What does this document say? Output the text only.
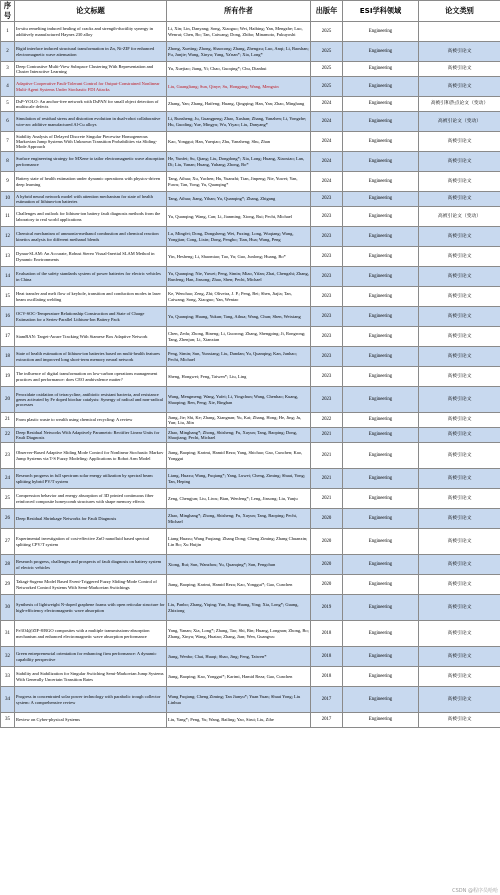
序号	论文标题	所有作者	出版年	ESI学科领域	论文类别
1	In-situ remelting induced healing of cracks and strength-ductility synergy in additively manufactured Haynes 230 alloy	Li, Xin; Lin, Danyang; Song, Xiaoguo; Wei, Haibing; Yan, Mengzhe; Luo, Wenrui; Chen, Bo; Tan, Caiwang; Dong, Zhibo; Minamoto, Fukuyoshi	2025	Engineering	
2	Rigid interface induced structural transformation in Zn, Ni-ZIF for enhanced electromagnetic wave attenuation	Zhong, Xueting; Zhong, Shaocong; Zhang, Zhengxu; Luo, Anqi; Li, Baoshan; Fu, Junjie; Wang, Xinyu; Yang, Ya'nan*; Xia, Long*	2025	Engineering	高被引论文
3	Deep Contrastive Multi-View Subspace Clustering With Representation and Cluster Interactive Learning	Yu, Xuejiao; Jiang, Yi; Chao, Guoqing*; Chu, Dianhui	2025	Engineering	高被引论文
4	Adaptive Cooperative Fault-Tolerant Control for Output-Constrained Nonlinear Multi-Agent Systems Under Stochastic FDI Attacks	Liu, Guangliang; Sun, Qinye; Su, Hongping; Wang, Mengxin	2025	Engineering	高被引论文
5	DsP-YOLO: An anchor-free network with DsPAN for small object detection of multiscale defects	Zhang, Yan; Zhang, Haifeng; Huang, Qingqing; Han, Yan; Zhao, Minghang	2024	Engineering	高被引和热点论文（变动）
6	Simulation of residual stress and distortion evolution in dual-robot collaborative wire-arc additive manufactured Al-Cu alloys	Li, Runsheng; Ju, Guangpeng; Zhao, Xushan; Zhang, Yanzhen; Li, Yongzhe; Hu, Guoding; Yue, Mingyu; Wu, Yiyao; Liu, Danyang*	2024	Engineering	高被引论文（变动）
7	Stability Analysis of Delayed Discrete Singular Piecewise Homogeneous Markovian Jump Systems With Unknown Transition Probabilities via Sliding-Mode Approach	Kao, Yonggui; Han, Yueqiao; Zhu, Yanzheng; Shu, Zhan	2024	Engineering	高被引论文
8	Surface engineering strategy for MXene to tailor electromagnetic wave absorption performance	He, Yunfei; Su, Qiang; Liu, Dongdong*; Xia, Long; Huang, Xiaoxiao; Lan, Di; Liu, Yanan; Huang, Yuhang; Zhong, Bo*	2024	Engineering	高被引论文
9	Battery state of health estimation under dynamic operations with physics-driven deep learning	Tang, Aihua; Xu, Yuchen; Hu, Yuanzhi; Tian, Jinpeng; Nie, Yuwei; Yan, Fuwu; Tan, Yong; Yu, Quanqing*	2024	Engineering	高被引论文
10	A hybrid neural network model with attention mechanism for state of health estimation of lithium-ion batteries	Tang, Aihua; Jiang, Yihan; Yu, Quanqing*; Zhang, Zhigang	2023	Engineering	高被引论文
11	Challenges and outlook for lithium-ion battery fault diagnosis methods from the laboratory to real world applications	Yu, Quanqing; Wang, Can; Li, Jianming; Xiong, Rui; Pecht, Michael	2023	Engineering	高被引论文（变动）
12	Chemical mechanism of ammonia-methanol combustion and chemical reaction kinetics analysis for different methanol blends	Lu, Mingfei; Dong, Dongsheng; Wei, Fuxing; Long, Wuqiang; Wang, Yongjian; Cong, Lixin; Dong, Pengbo; Tian, Hua; Wang, Peng	2023	Engineering	高被引论文
13	Dynaa-SLAM: An Accurate, Robust Stereo Visual-Inertial SLAM Method in Dynamic Environments	Yin, Hesheng; Li, Shaomiao; Tao, Yu; Guo, Junlong; Huang, Bo*	2023	Engineering	高被引论文
14	Evaluation of the safety standards system of power batteries for electric vehicles in China	Yu, Quanqing; Nie, Yuwei; Peng, Simin; Miao, Yifan; Zhai, Chengzhi; Zhang, Runfeng; Han, Jinsong; Zhao, Shen; Pecht, Michael	2023	Engineering	高被引论文
15	Heat transfer and melt flow of keyhole, transition and conduction modes in laser beam oscillating welding	Ke, Wenchao; Zeng, Zhi; Oliveira, J. P.; Peng, Bei; Shen, Jiajia; Tan, Caiwang; Song, Xiaoguo; Yan, Wentao	2023	Engineering	高被引论文
16	OCV-SOC-Temperature Relationship Construction and State of Charge Estimation for a Series-Parallel Lithium-Ion Battery Pack	Yu, Quanqing; Huang, Yukun; Tang, Aihua; Wang, Chun; Shen, Weixiang	2023	Engineering	高被引论文
17	SiamBAN: Target-Aware Tracking With Siamese Box Adaptive Network	Chen, Zedu; Zhong, Bineng; Li, Guorong; Zhang, Shengping; Ji, Rongrong; Tang, Zhenjun; Li, Xianxian	2023	Engineering	高被引论文
18	State of health estimation of lithium-ion batteries based on multi-health features extraction and improved long short-term memory neural network	Peng, Simin; Sun, Yunxiang; Liu, Dandan; Yu, Quanqing; Kan, Junhao; Pecht, Michael	2023	Engineering	高被引论文
19	The influence of digital transformation on low-carbon operations management practices and performance: does CEO ambivalence matter?	Sheng, Hongwei; Feng, Taiwen*; Liu, Ling	2023	Engineering	高被引论文
20	Peroxidate oxidation of tetracycline, antibiotic resistant bacteria, and resistance genes activated by Fe doped biochar catalysts: Synergy of radical and non-radical processes	Wang, Mengmeng; Wang, Yufei; Li, Yingchun; Wang, Chenhao; Kuang, Shaoping; Ren, Peng; Xie, Binghan	2023	Engineering	高被引论文
21	From plastic waste to wealth using chemical recycling: A review	Jiang, Jie; Shi, Ke; Zhang, Xiangnan; Yu, Kai; Zhang, Hong; He, Jing; Ju, Yun; Liu, Jilin	2022	Engineering	高被引论文
22	Deep Residual Networks With Adaptively Parametric Rectifier Linear Units for Fault Diagnosis	Zhao, Minghang*; Zhong, Shisheng; Fu, Xuyun; Tang, Baoping; Dong, Shaojiang; Pecht, Michael	2021	Engineering	高被引论文
23	Observer-Based Adaptive Sliding Mode Control for Nonlinear Stochastic Markov Jump Systems via T-S Fuzzy Modeling: Applications to Robot Arm Model	Jiang, Baoping; Karimi, Hamid Reza; Yang, Shichao; Gao, Cunchen; Kao, Yonggui	2021	Engineering	高被引论文
24	Research progress in full spectrum solar energy utilization by spectral beam splitting hybrid PV/T system	Liang, Huaxu; Wang, Fuqiang*; Yang, Luwei; Cheng, Ziming; Shuai, Yong; Tan, Heping	2021	Engineering	高被引论文
25	Compression behavior and energy absorption of 3D printed continuous fiber reinforced composite honeycomb structures with shape memory effects	Zeng, Chengjun; Liu, Liwu; Bian, Wenfeng*; Leng, Jinsong; Liu, Yanju	2021	Engineering	高被引论文
26	Deep Residual Shrinkage Networks for Fault Diagnosis	Zhao, Minghang*; Zhong, Shisheng; Fu, Xuyun; Tang, Baoping; Pecht, Michael	2020	Engineering	高被引论文
27	Experimental investigation of cost-effective ZnO nanofluid based spectral splitting CPV/T system	Liang Huaxu; Wang Fuqiang; Zhang Dong; Cheng Ziming; Zhang Chuanxin; Lin Bo; Xu Huijin	2020	Engineering	高被引论文
28	Research progress, challenges and prospects of fault diagnosis on battery system of electric vehicles	Xiong, Rui; Sun, Wanzhou; Yu, Quanqing*; Sun, Fengchun	2020	Engineering	高被引论文
29	Takagi-Sugeno Model Based Event-Triggered Fuzzy Sliding-Mode Control of Networked Control Systems With Semi-Markovian Switchings	Jiang, Baoping; Karimi, Hamid Reza; Kao, Yonggui*; Gao, Cunchen	2020	Engineering	高被引论文
30	Synthesis of lightweight N-doped graphene foams with open reticular structure for high-efficiency electromagnetic wave absorption	Liu, Panbo; Zhang, Yiqing; Yan, Jing; Huang, Ying; Xia, Long*; Guang, Zhixiong	2019	Engineering	高被引论文
31	Fe3O4@ZIF-8/RGO composites with a multiple transmissions-absorption mechanism and enhanced electromagnetic wave absorption performance	Yang, Yanan; Xia, Long*; Zhang, Tao; Shi, Bin; Huang, Longnan; Zhong, Bo; Zhang, Xinyu; Wang, Huatao; Zhang, Jian; Wen, Guangwu	2018	Engineering	高被引论文
32	Green entrepreneurial orientation for enhancing firm performance: A dynamic capability perspective	Jiang, Wenbo; Chai, Huaqi; Shao, Jing; Feng, Taiwen*	2018	Engineering	高被引论文
33	Stability and Stabilization for Singular Switching Semi-Markovian Jump Systems With Generally Uncertain Transition Rates	Jiang, Baoping; Kao, Yonggui*; Karimi, Hamid Reza; Gao, Cunchen	2018	Engineering	高被引论文
34	Progress in concentrated solar power technology with parabolic trough collector system: A comprehensive review	Wang Fuqiang; Cheng Ziming; Tan Jianyu*; Yuan Yuan; Shuai Yong; Liu Linhua	2017	Engineering	高被引论文
35	Review on Cyber-physical Systems	Liu, Yang*; Peng, Yu; Wang, Bailing; Yao, Sirui; Liu, Zihe	2017	Engineering	高被引论文
CSDN @程序员哈哈
